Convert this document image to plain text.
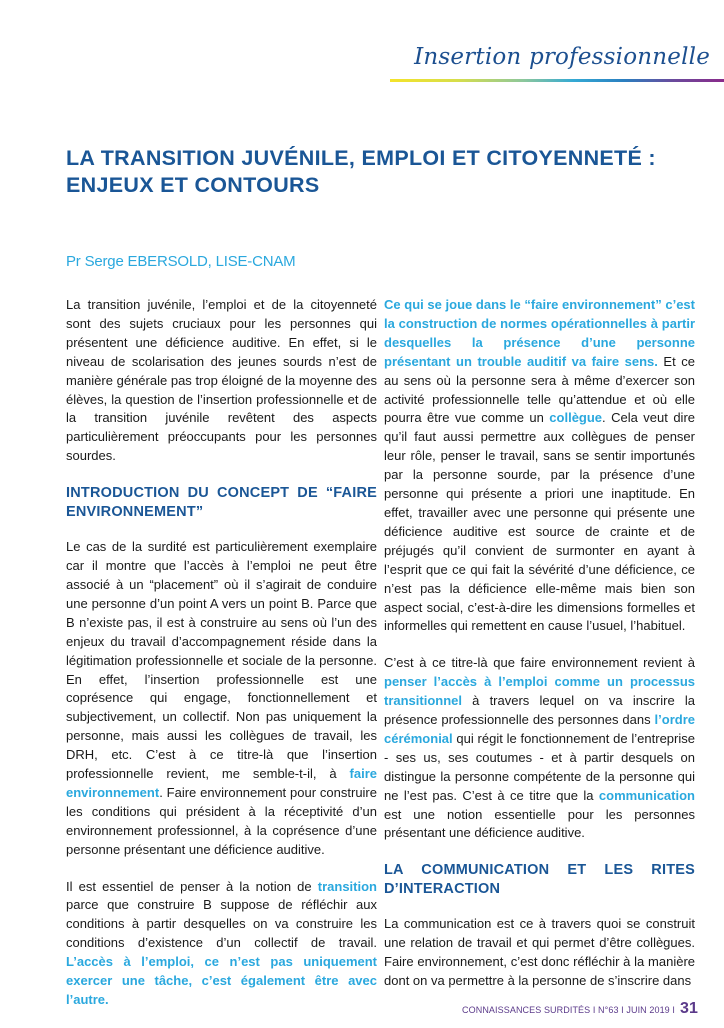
Insertion professionnelle
LA TRANSITION JUVÉNILE, EMPLOI ET CITOYENNETÉ : ENJEUX ET CONTOURS
Pr Serge EBERSOLD, LISE-CNAM

La transition juvénile, l’emploi et de la citoyenneté sont des sujets cruciaux pour les personnes qui présentent une déficience auditive. En effet, si le niveau de scolarisation des jeunes sourds n’est de manière générale pas trop éloigné de la moyenne des élèves, la question de l’insertion professionnelle et de la transition juvénile revêtent des aspects particulièrement préoccupants pour les personnes sourdes.

INTRODUCTION DU CONCEPT DE “FAIRE ENVIRONNEMENT”

Le cas de la surdité est particulièrement exemplaire car il montre que l’accès à l’emploi ne peut être associé à un “placement” où il s’agirait de conduire une personne d’un point A vers un point B. Parce que B n’existe pas, il est à construire au sens où l’un des enjeux du travail d’accompagnement réside dans la légitimation professionnelle et sociale de la personne. En effet, l’insertion professionnelle est une coprésence qui engage, fonctionnellement et subjectivement, un collectif. Non pas uniquement la personne, mais aussi les collègues de travail, les DRH, etc. C’est à ce titre-là que l’insertion professionnelle revient, me semble-t-il, à faire environnement. Faire environnement pour construire les conditions qui président à la réceptivité d’un environnement professionnel, à la coprésence d’une personne présentant une déficience auditive.

Il est essentiel de penser à la notion de transition parce que construire B suppose de réfléchir aux conditions à partir desquelles on va construire les conditions d’existence d’un collectif de travail. L’accès à l’emploi, ce n’est pas uniquement exercer une tâche, c’est également être avec l’autre.

Ce qui se joue dans le “faire environnement” c’est la construction de normes opérationnelles à partir desquelles la présence d’une personne présentant un trouble auditif va faire sens. Et ce au sens où la personne sera à même d’exercer son activité professionnelle telle qu’attendue et où elle pourra être vue comme un collègue. Cela veut dire qu’il faut aussi permettre aux collègues de penser leur rôle, penser le travail, sans se sentir importunés par la personne sourde, par la présence d’une personne qui présente a priori une inaptitude. En effet, travailler avec une personne qui présente une déficience auditive est source de crainte et de préjugés qu’il convient de surmonter en ayant à l’esprit que ce qui fait la sévérité d’une déficience, ce n’est pas la déficience elle-même mais bien son aspect social, c’est-à-dire les dimensions formelles et informelles qui remettent en cause l’usuel, l’habituel.

C’est à ce titre-là que faire environnement revient à penser l’accès à l’emploi comme un processus transitionnel à travers lequel on va inscrire la présence professionnelle des personnes dans l’ordre cérémonial qui régit le fonctionnement de l’entreprise - ses us, ses coutumes - et à partir desquels on distingue la personne compétente de la personne qui ne l’est pas. C’est à ce titre que la communication est une notion essentielle pour les personnes présentant une déficience auditive.

LA COMMUNICATION ET LES RITES D’INTERACTION

La communication est ce à travers quoi se construit une relation de travail et qui permet d’être collègues. Faire environnement, c’est donc réfléchir à la manière dont on va permettre à la personne de s’inscrire dans

CONNAISSANCES SURDITÉS I N°63 I JUIN 2019 I 31
